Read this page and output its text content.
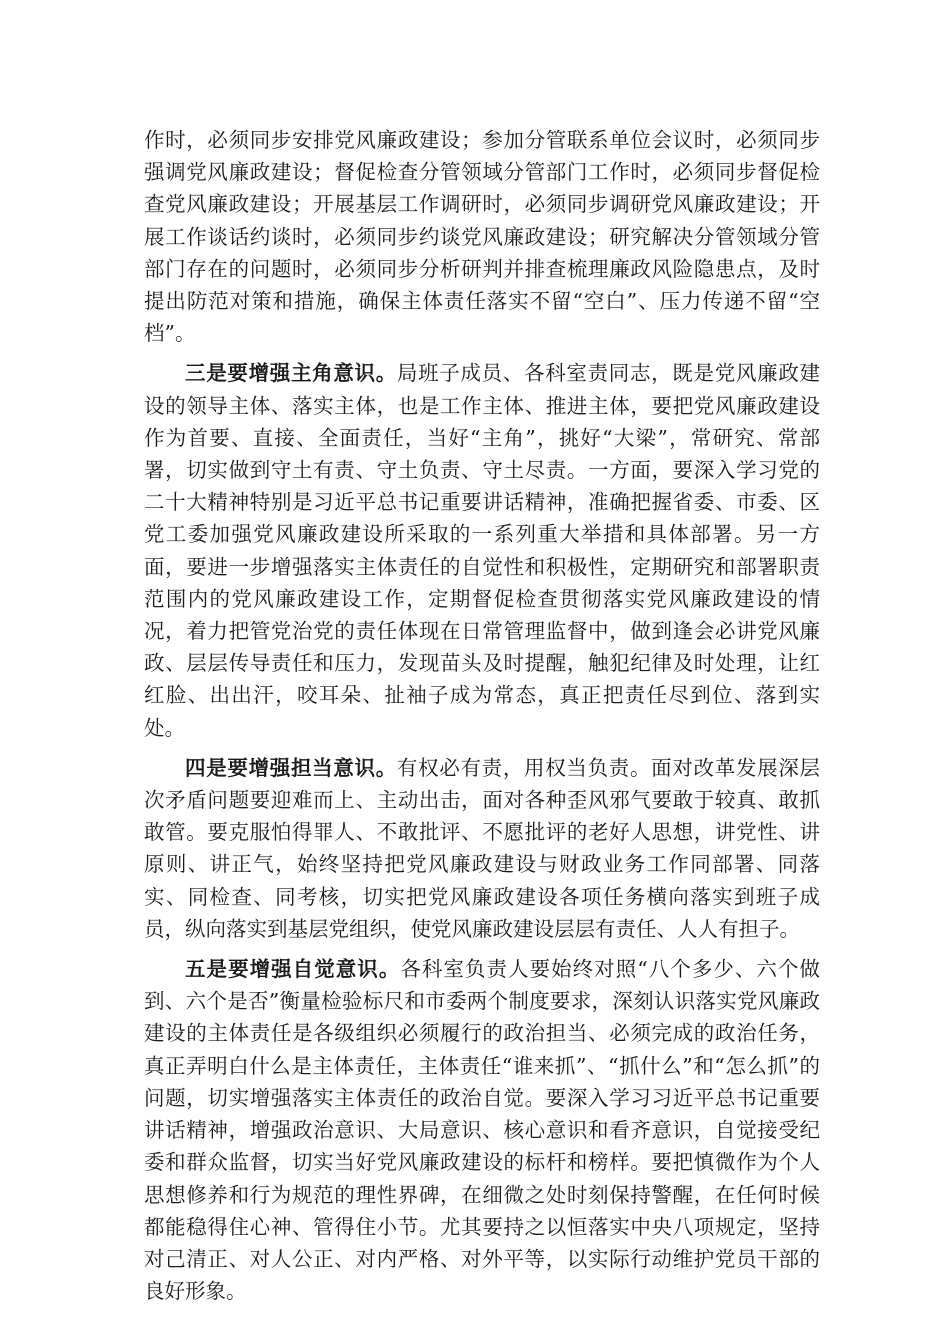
作时，必须同步安排党风廉政建设；参加分管联系单位会议时，必须同步强调党风廉政建设；督促检查分管领域分管部门工作时，必须同步督促检查党风廉政建设；开展基层工作调研时，必须同步调研党风廉政建设；开展工作谈话约谈时，必须同步约谈党风廉政建设；研究解决分管领域分管部门存在的问题时，必须同步分析研判并排查梳理廉政风险隐患点，及时提出防范对策和措施，确保主体责任落实不留“空白”、压力传递不留“空档”。

三是要增强主角意识。局班子成员、各科室责同志，既是党风廉政建设的领导主体、落实主体，也是工作主体、推进主体，要把党风廉政建设作为首要、直接、全面责任，当好“主角”，挑好“大梁”，常研究、常部署，切实做到守土有责、守土负责、守土尽责。一方面，要深入学习党的二十大精神特别是习近平总书记重要讲话精神，准确把握省委、市委、区党工委加强党风廉政建设所采取的一系列重大举措和具体部署。另一方面，要进一步增强落实主体责任的自觉性和积极性，定期研究和部署职责范围内的党风廉政建设工作，定期督促检查贯彻落实党风廉政建设的情况，着力把管党治党的责任体现在日常管理监督中，做到逢会必讲党风廉政、层层传导责任和压力，发现苗头及时提醒，触犯纪律及时处理，让红红脸、出出汗，咬耳朵、扯袖子成为常态，真正把责任尽到位、落到实处。

四是要增强担当意识。有权必有责，用权当负责。面对改革发展深层次矛盾问题要迎难而上、主动出击，面对各种歪风邪气要敢于较真、敢抓敢管。要克服怕得罪人、不敢批评、不愿批评的老好人思想，讲党性、讲原则、讲正气，始终坚持把党风廉政建设与财政业务工作同部署、同落实、同检查、同考核，切实把党风廉政建设各项任务横向落实到班子成员，纵向落实到基层党组织，使党风廉政建设层层有责任、人人有担子。

五是要增强自觉意识。各科室负责人要始终对照“八个多少、六个做到、六个是否”衡量检验标尺和市委两个制度要求，深刻认识落实党风廉政建设的主体责任是各级组织必须履行的政治担当、必须完成的政治任务，真正弄明白什么是主体责任，主体责任“谁来抓”、“抓什么”和“怎么抓”的问题，切实增强落实主体责任的政治自觉。要深入学习习近平总书记重要讲话精神，增强政治意识、大局意识、核心意识和看齐意识，自觉接受纪委和群众监督，切实当好党风廉政建设的标杆和榜样。要把慎微作为个人思想修养和行为规范的理性界碑，在细微之处时刻保持警醒，在任何时候都能稳得住心神、管得住小节。尤其要持之以恒落实中央八项规定，坚持对己清正、对人公正、对内严格、对外平等，以实际行动维护党员干部的良好形象。
